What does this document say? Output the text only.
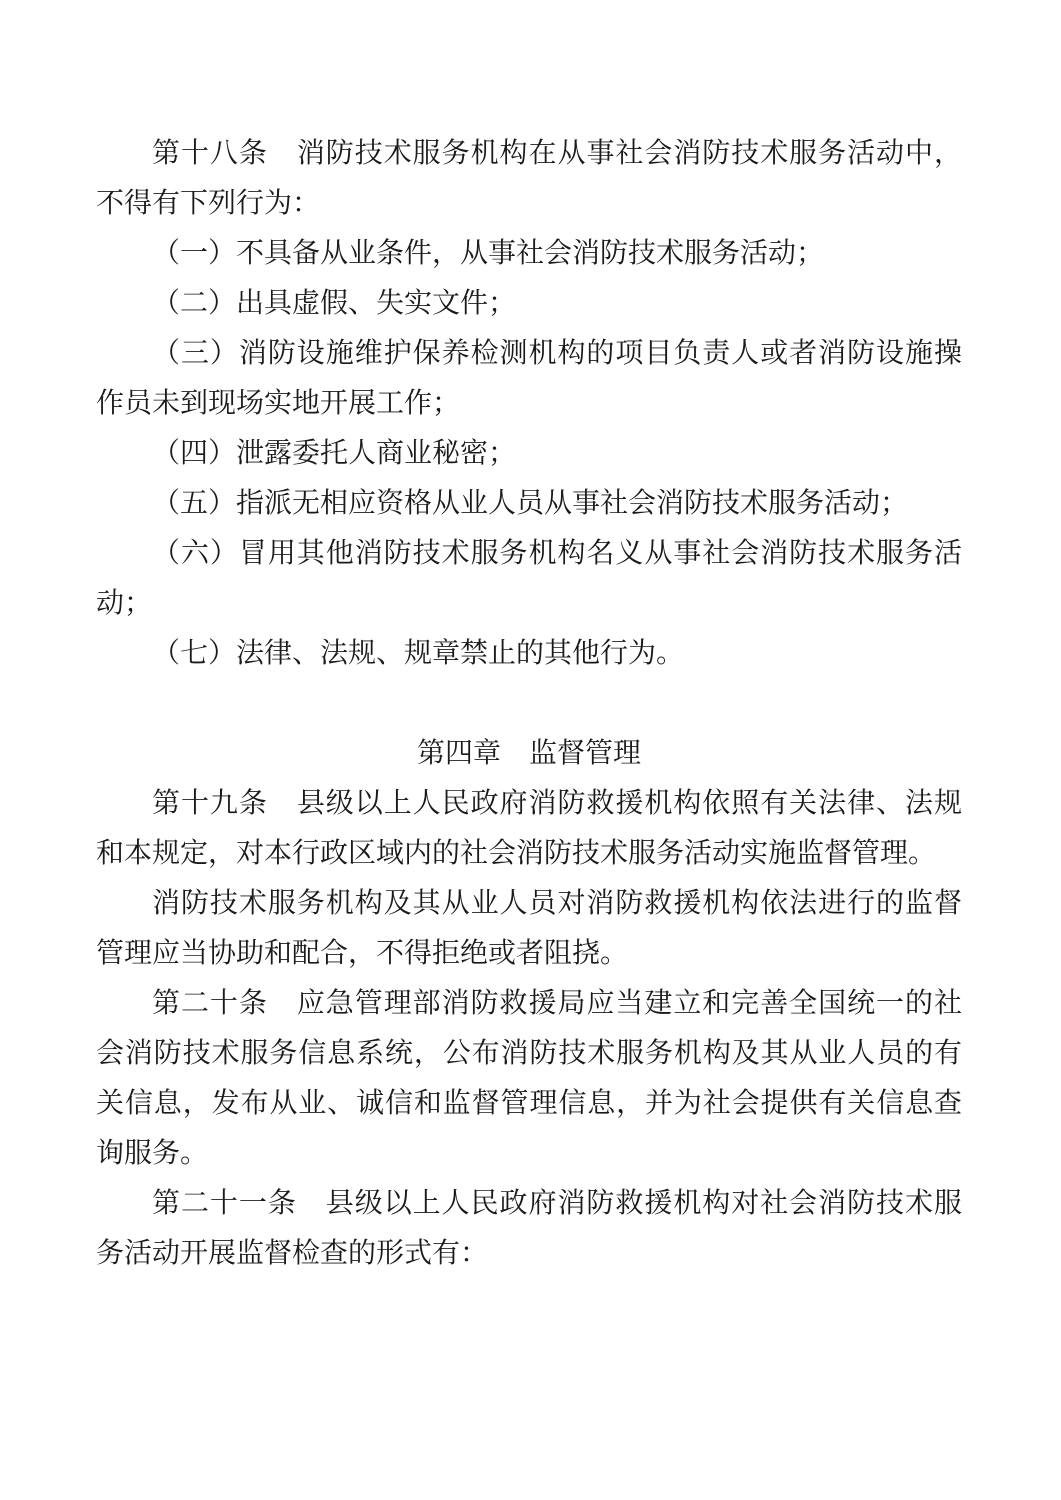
第十八条 消防技术服务机构在从事社会消防技术服务活动中，不得有下列行为：

（一）不具备从业条件，从事社会消防技术服务活动；

（二）出具虚假、失实文件；

（三）消防设施维护保养检测机构的项目负责人或者消防设施操作员未到现场实地开展工作；

（四）泄露委托人商业秘密；

（五）指派无相应资格从业人员从事社会消防技术服务活动；

（六）冒用其他消防技术服务机构名义从事社会消防技术服务活动；

（七）法律、法规、规章禁止的其他行为。

第四章 监督管理

第十九条 县级以上人民政府消防救援机构依照有关法律、法规和本规定，对本行政区域内的社会消防技术服务活动实施监督管理。

消防技术服务机构及其从业人员对消防救援机构依法进行的监督管理应当协助和配合，不得拒绝或者阻挠。

第二十条 应急管理部消防救援局应当建立和完善全国统一的社会消防技术服务信息系统，公布消防技术服务机构及其从业人员的有关信息，发布从业、诚信和监督管理信息，并为社会提供有关信息查询服务。

第二十一条 县级以上人民政府消防救援机构对社会消防技术服务活动开展监督检查的形式有：
